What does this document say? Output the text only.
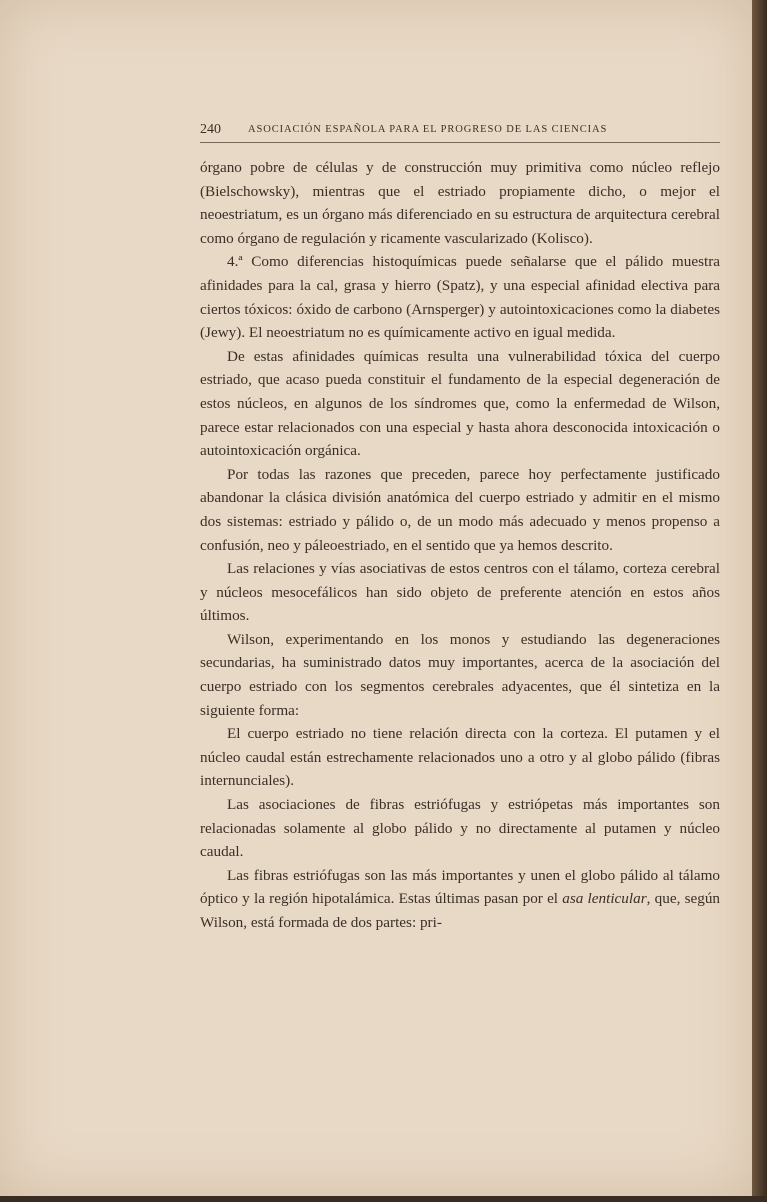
240	ASOCIACIÓN ESPAÑOLA PARA EL PROGRESO DE LAS CIENCIAS

órgano pobre de células y de construcción muy primitiva como núcleo reflejo (Bielschowsky), mientras que el estriado propiamente dicho, o mejor el neoestriatum, es un órgano más diferenciado en su estructura de arquitectura cerebral como órgano de regulación y ricamente vascularizado (Kolisco).

4.ª Como diferencias histoquímicas puede señalarse que el pálido muestra afinidades para la cal, grasa y hierro (Spatz), y una especial afinidad electiva para ciertos tóxicos: óxido de carbono (Arnsperger) y autointoxicaciones como la diabetes (Jewy). El neoestriatum no es químicamente activo en igual medida.

De estas afinidades químicas resulta una vulnerabilidad tóxica del cuerpo estriado, que acaso pueda constituir el fundamento de la especial degeneración de estos núcleos, en algunos de los síndromes que, como la enfermedad de Wilson, parece estar relacionados con una especial y hasta ahora desconocida intoxicación o autointoxicación orgánica.

Por todas las razones que preceden, parece hoy perfectamente justificado abandonar la clásica división anatómica del cuerpo estriado y admitir en el mismo dos sistemas: estriado y pálido o, de un modo más adecuado y menos propenso a confusión, neo y páleoestriado, en el sentido que ya hemos descrito.

Las relaciones y vías asociativas de estos centros con el tálamo, corteza cerebral y núcleos mesocefálicos han sido objeto de preferente atención en estos años últimos.

Wilson, experimentando en los monos y estudiando las degeneraciones secundarias, ha suministrado datos muy importantes, acerca de la asociación del cuerpo estriado con los segmentos cerebrales adyacentes, que él sintetiza en la siguiente forma:

El cuerpo estriado no tiene relación directa con la corteza. El putamen y el núcleo caudal están estrechamente relacionados uno a otro y al globo pálido (fibras internunciales).

Las asociaciones de fibras estriófugas y estriópetas más importantes son relacionadas solamente al globo pálido y no directamente al putamen y núcleo caudal.

Las fibras estriófugas son las más importantes y unen el globo pálido al tálamo óptico y la región hipotalámica. Estas últimas pasan por el asa lenticular, que, según Wilson, está formada de dos partes: pri-
